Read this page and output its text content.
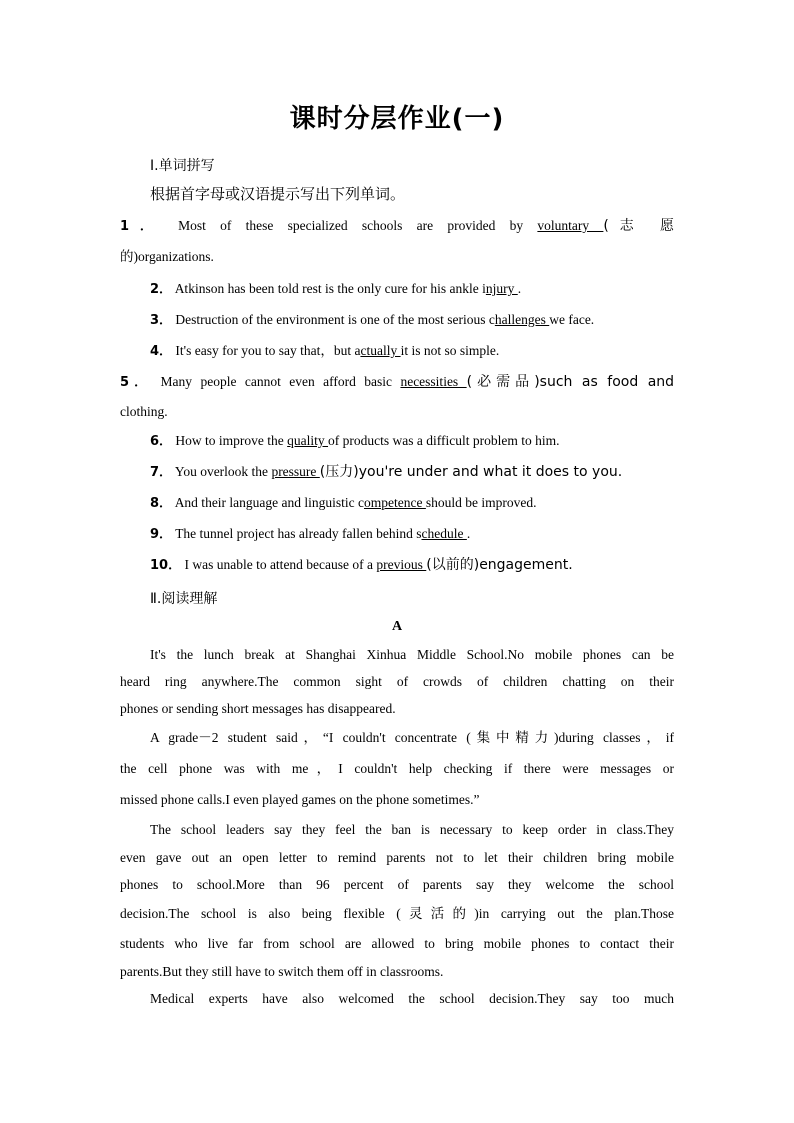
课时分层作业(一)
Ⅰ.单词拼写
根据首字母或汉语提示写出下列单词。
1． Most of these specialized schools are provided by voluntary (志 愿
的)organizations.
2． Atkinson has been told rest is the only cure for his ankle injury .
3． Destruction of the environment is one of the most serious challenges we face.
4． It's easy for you to say that，but actually it is not so simple.
5． Many people cannot even afford basic necessities (必需品)such as food and
clothing.
6． How to improve the quality of products was a difficult problem to him.
7． You overlook the pressure (压力)you're under and what it does to you.
8． And their language and linguistic competence should be improved.
9． The tunnel project has already fallen behind schedule .
10． I was unable to attend because of a previous (以前的)engagement.
Ⅱ.阅读理解
A
It's the lunch break at Shanghai Xinhua Middle School.No mobile phones can be
heard ring anywhere.The common sight of crowds of children chatting on their
phones or sending short messages has disappeared.
A grade－2 student said，“I couldn't concentrate (集中精力)during classes，if
the cell phone was with me，I couldn't help checking if there were messages or
missed phone calls.I even played games on the phone sometimes.”
The school leaders say they feel the ban is necessary to keep order in class.They
even gave out an open letter to remind parents not to let their children bring mobile
phones to school.More than 96 percent of parents say they welcome the school
decision.The school is also being flexible (灵活的)in carrying out the plan.Those
students who live far from school are allowed to bring mobile phones to contact their
parents.But they still have to switch them off in classrooms.
Medical experts have also welcomed the school decision.They say too much
